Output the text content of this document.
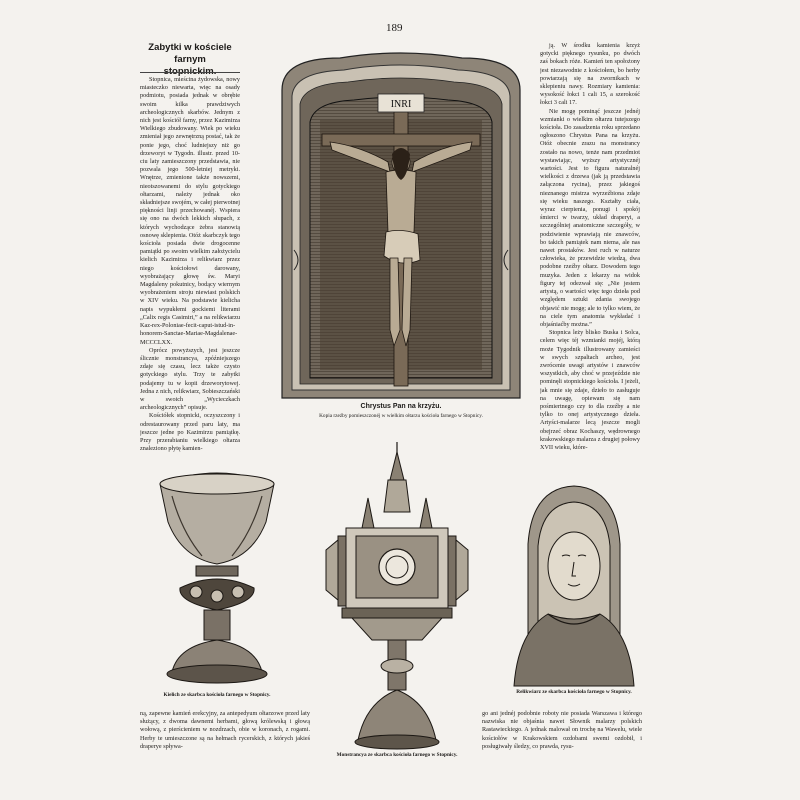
189
Zabytki w kościele farnym
stopnickim.

Stopnica, mieścina żydowska, nowy miasteczko niewarta, więc na osady podmiotu, posiada jednak w obrębie swoim kilka prawdziwych archeologicznych skarbów. Jednym z nich jest kościół farny, przez Kazimirza Wielkiego zbudowany. Wiek po wieku zmieniał jego zewnętrzną postać, tak że ponie jego, choć ludniejszy niż go drzeworyt w Tygodn. illustr. przed 10-ciu laty zamieszczony przedstawia, nie pozwala jego 500-letniej metryki. Wnętrze, zmienione także nowszemi, nieotszowanemi do stylu gotyckiego ołtarzami, należy jednak oko składniejsze swojém, w całej pierwotnej piękności linji przechowanéj. Wspiera się ono na dwóch lekkich słupach, z których wychodzące żebra stanowią osnowę sklepienia. Otóż skarbczyk tego kościoła posiada dwie drogocenne pamiątki po swoim wielkim założycielu kielich Kazimirza i relikwiarz przez niego kościołowi darowany, wyobrażający głowę św. Maryi Magdaleny pokutnicy, bodący wiernym wyobrażeniem stroju niewiast polskich w XIV wieku. Na podstawie kielicha napis wypukłemi gockiemi literami „Calix regis Casimiri,” a na relikwiarzu Kaz-rex-Poloniae-fecit-caput-istud-in-honorem-Sanctae-Mariae-Magdalenae-MCCCLXX.

Oprócz powyższych, jest jeszcze ślicznie monstrancya, zpóźniejszego zdaje się czasu, lecz także czysto gotyckiego stylu. Trzy te zabytki podajemy tu w kopii drzeworytowej. Jedna z nich, relikwiarz, Sobieszczański w swoich „Wycieczkach archeologicznych” opisuje.

Kościółek stopnicki, oczyszczony i odrestaurowany przed paru laty, ma jeszcze jedne po Kazimirzu pamiątkę. Przy przerabianiu wielkiego ołtarza znaleziono płytę kamien-

INRI
Chrystus Pan na krzyżu.
Kopia rzeźby pomieszczonéj w wielkim ołtarzu kościoła farnego w Stopnicy.

ją. W środku kamienia krzyż gotycki pięknego rysunku, po dwóch zaś bokach róże. Kamień ten społożony jest niezawodnie z kościołem, bo herby powtarzają się na zwornikach w sklepieniu nawy. Rozmiary kamienia: wysokość łokci 1 cali 15, a szerokość łokci 3 cali 17.

Nie mogę pominąć jeszcze jednéj wzmianki o wielkim ołtarzu tutejszego kościoła. Do zasadzenia roku sprzedano ogłoszono Chrystus Pana na krzyżu. Otóż obecnie zrazu na monstrancy zostało na nowo, tenże nam przedmiot wystawiając, wyższy artystycznéj wartości. Jest to figura naturalnéj wielkości z drzewa (jak ją przedstawia załączona rycina), przez jakiegoś nieznanego mistrza wyrzeźbiona zdaje się wieku naszego. Kształty ciała, wyraz cierpienia, ponugi i spokój śmierci w twarzy, układ draperyi, a szczególniej anatomiczne szczegóły, w podziwienie wprawiają nie znawców, bo takich pamiątek nam niema, ale nas nawet prostaków. Jest ruch w naturze człowieka, że przewidzie wiedzą, dwa podobne rzeźby ołtarz. Dowodem tego muzyka. Jeden z lekarzy na widok figury tej odezwał się: „Nie jestem artystą, o wartości więc tego dzieła pod względem sztuki zdania swojego objawić nie mogę; ale to tylko wiem, że na ciele tym anatomia wykładać i objaśniaćby można.”

Stopnica leży blisko Buska i Solca, celem więc téj wzmianki mojéj, którą może Tygodnik illustrowany zamieści w swych szpaltach archeo, jest zwrócenie uwagi artystów i znawców wszystkich, aby choć w przejeździe nie pominęli stopnickiego kościoła. I jeżeli, jak mnie się zdaje, dzieło to zasługuje na uwagę, opiewam się nam pośmiertnego czy to dla rzeźby a nie tylko to onej artystycznego dzieła. Artyści-malarze lecą jeszcze mogli obejrzeć obraz Kochaszy, wędrownego krakowskiego malarza z drugiej połowy XVII wieku, które-

Kielich ze skarbca kościoła farnego w Stopnicy.
Monstrancya ze skarbca kościoła farnego w Stopnicy.
Relikwiarz ze skarbca kościoła farnego w Stopnicy.

ną, zapewne kamień erekcyjny, za antepedyum ołtarzowe przed laty służący, z dwoma dawnemi herbami, głową królewską i głową wołową, z pierścieniem w nozdrzach, obie w koronach, z rogami. Herby te umieszczone są na hełmach rycerskich, z których jakieś draperye spływa-

go ani jednéj podobnie roboty nie posiada Warszawa i którego nazwiska nie objaśnia nawet Słownik malarzy polskich Rastawieckiego. A jednak malował on trochę na Wawelu, wiele kościołów w Krakowskiem ozdobami swemi ozdobił, i posługiwały śledzy, co prawda, rysu-
